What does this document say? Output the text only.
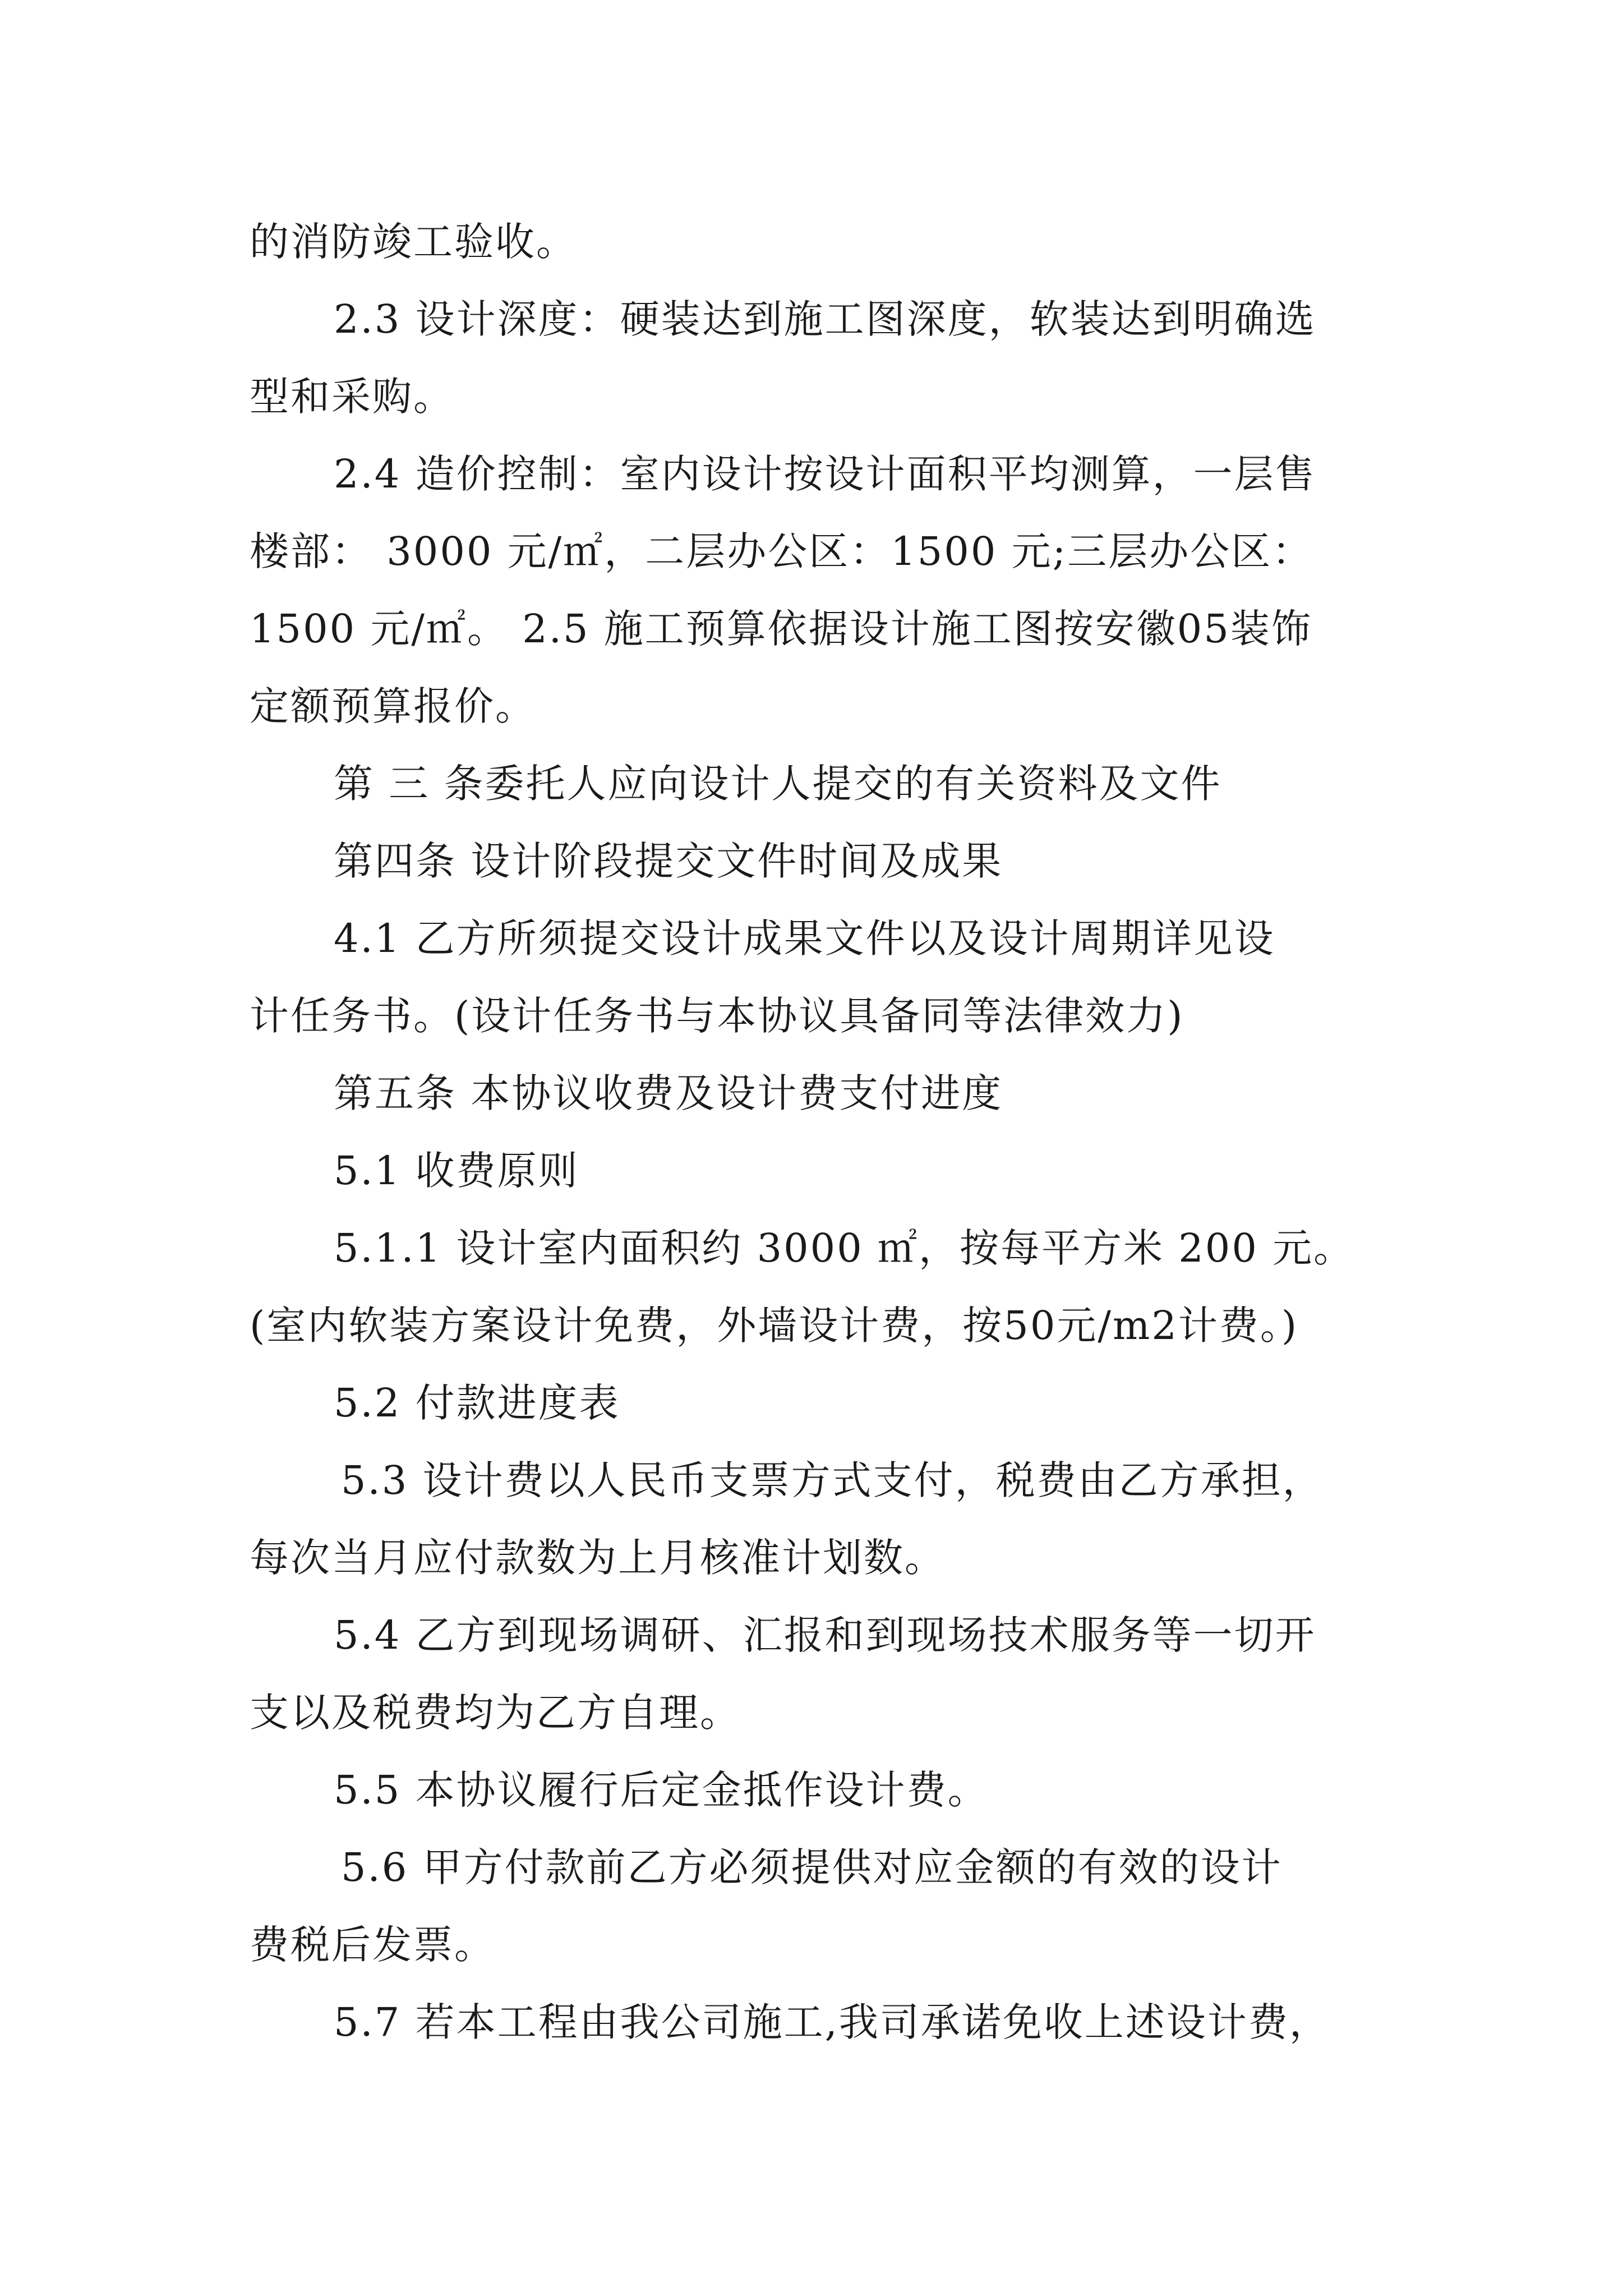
的消防竣工验收。
2.3 设计深度：硬装达到施工图深度，软装达到明确选
型和采购。
2.4 造价控制：室内设计按设计面积平均测算，一层售
楼部： 3000 元/㎡，二层办公区：1500 元;三层办公区：
1500 元/㎡。 2.5 施工预算依据设计施工图按安徽05装饰
定额预算报价。
第 三 条委托人应向设计人提交的有关资料及文件
第四条 设计阶段提交文件时间及成果
4.1 乙方所须提交设计成果文件以及设计周期详见设
计任务书。(设计任务书与本协议具备同等法律效力)
第五条 本协议收费及设计费支付进度
5.1 收费原则
5.1.1 设计室内面积约 3000 ㎡，按每平方米 200 元。
(室内软装方案设计免费，外墙设计费，按50元/m2计费。)
5.2 付款进度表
5.3 设计费以人民币支票方式支付，税费由乙方承担，
每次当月应付款数为上月核准计划数。
5.4 乙方到现场调研、汇报和到现场技术服务等一切开
支以及税费均为乙方自理。
5.5 本协议履行后定金抵作设计费。
5.6 甲方付款前乙方必须提供对应金额的有效的设计
费税后发票。
5.7 若本工程由我公司施工,我司承诺免收上述设计费，
